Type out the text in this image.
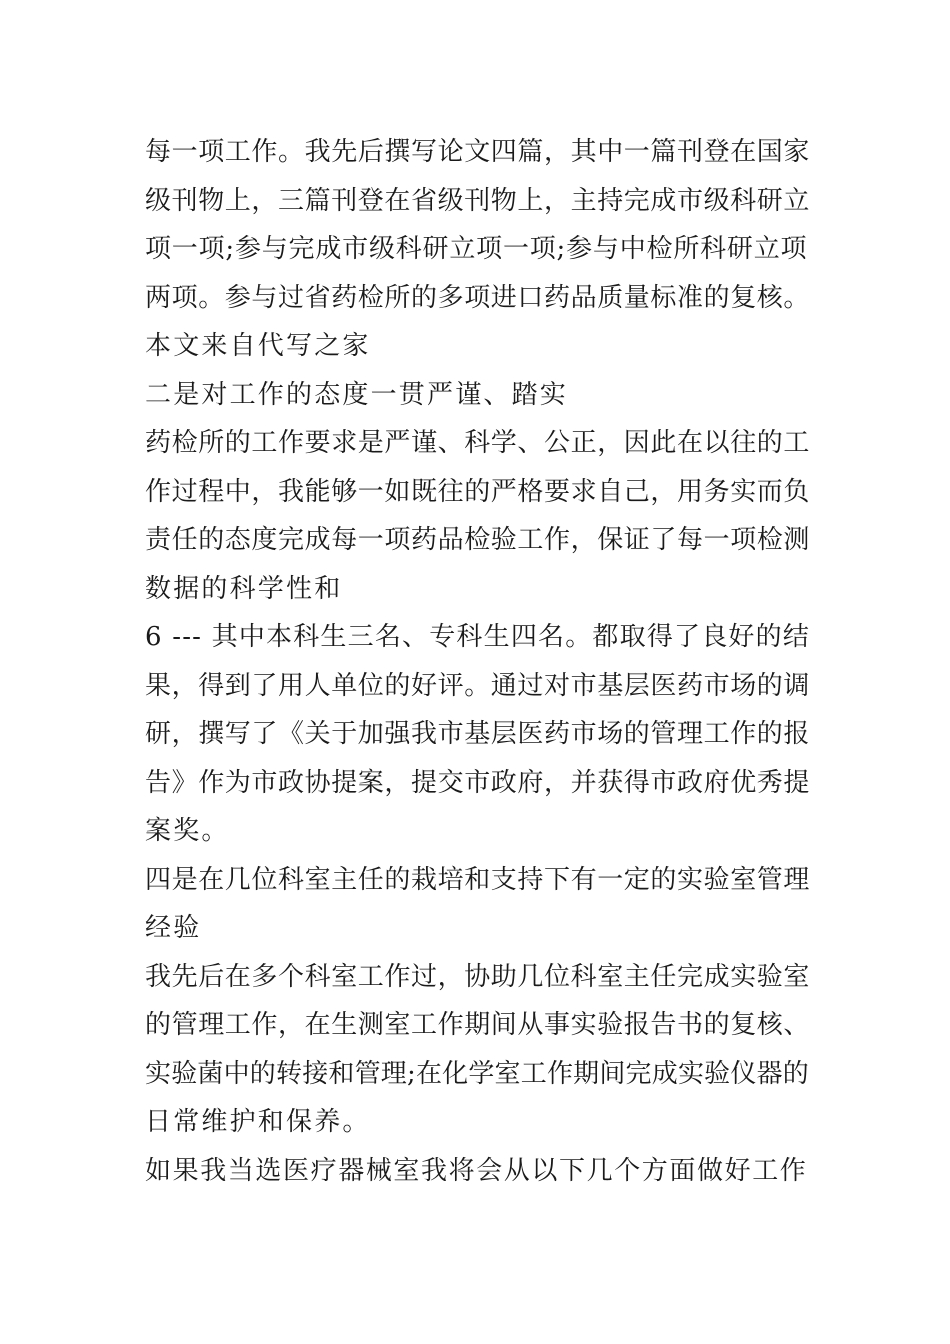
每一项工作。我先后撰写论文四篇，其中一篇刊登在国家
级刊物上，三篇刊登在省级刊物上，主持完成市级科研立
项一项;参与完成市级科研立项一项;参与中检所科研立项
两项。参与过省药检所的多项进口药品质量标准的复核。
本文来自代写之家
二是对工作的态度一贯严谨、踏实
药检所的工作要求是严谨、科学、公正，因此在以往的工
作过程中，我能够一如既往的严格要求自己，用务实而负
责任的态度完成每一项药品检验工作，保证了每一项检测
数据的科学性和
6 --- 其中本科生三名、专科生四名。都取得了良好的结
果，得到了用人单位的好评。通过对市基层医药市场的调
研，撰写了《关于加强我市基层医药市场的管理工作的报
告》作为市政协提案，提交市政府，并获得市政府优秀提
案奖。
四是在几位科室主任的栽培和支持下有一定的实验室管理
经验
我先后在多个科室工作过，协助几位科室主任完成实验室
的管理工作，在生测室工作期间从事实验报告书的复核、
实验菌中的转接和管理;在化学室工作期间完成实验仪器的
日常维护和保养。
如果我当选医疗器械室我将会从以下几个方面做好工作
